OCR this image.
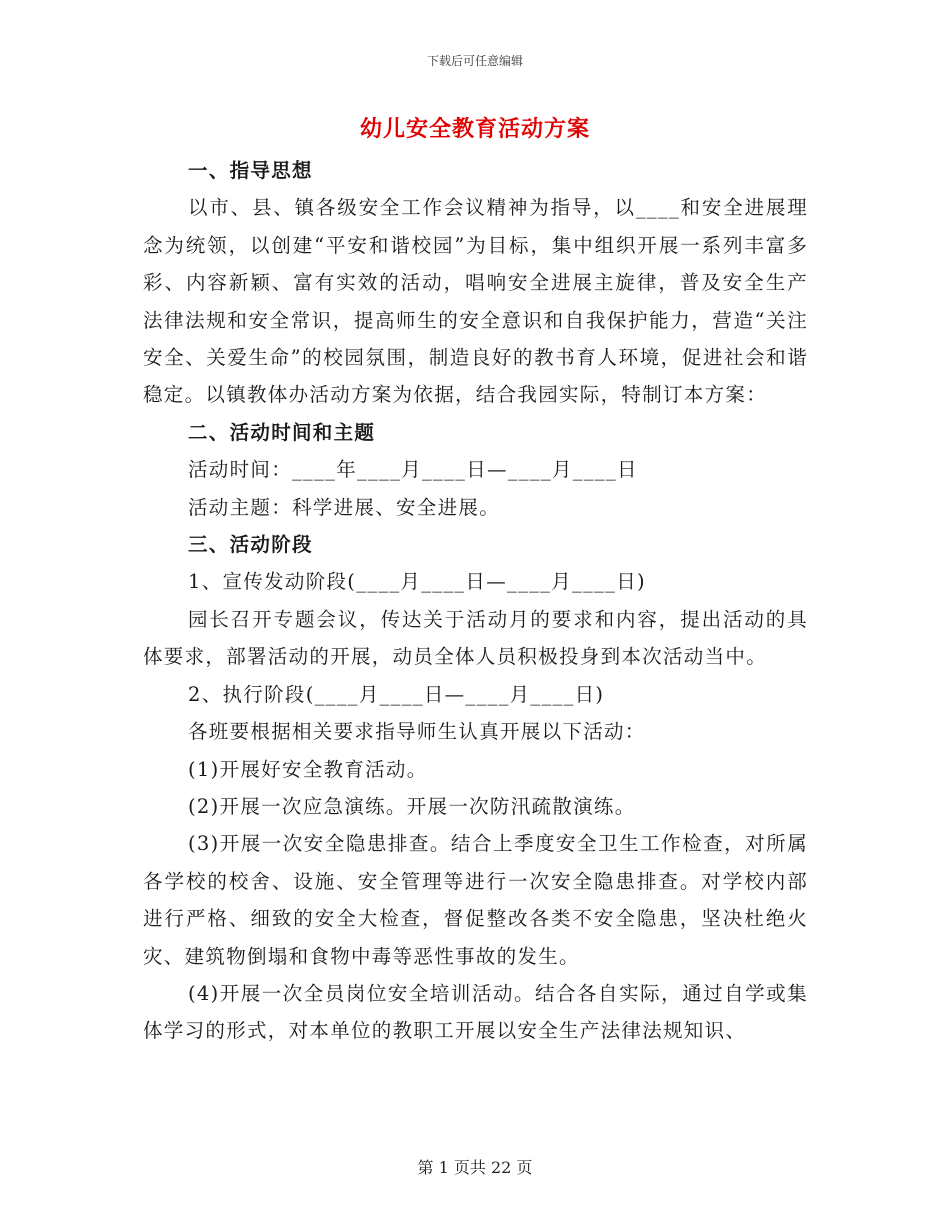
下载后可任意编辑
幼儿安全教育活动方案

一、指导思想

以市、县、镇各级安全工作会议精神为指导，以____和安全进展理念为统领，以创建“平安和谐校园”为目标，集中组织开展一系列丰富多彩、内容新颖、富有实效的活动，唱响安全进展主旋律，普及安全生产法律法规和安全常识，提高师生的安全意识和自我保护能力，营造“关注安全、关爱生命”的校园氛围，制造良好的教书育人环境，促进社会和谐稳定。以镇教体办活动方案为依据，结合我园实际，特制订本方案：

二、活动时间和主题

活动时间：____年____月____日—____月____日

活动主题：科学进展、安全进展。

三、活动阶段

1、宣传发动阶段(____月____日—____月____日)

园长召开专题会议，传达关于活动月的要求和内容，提出活动的具体要求，部署活动的开展，动员全体人员积极投身到本次活动当中。

2、执行阶段(____月____日—____月____日)

各班要根据相关要求指导师生认真开展以下活动：

(1)开展好安全教育活动。

(2)开展一次应急演练。开展一次防汛疏散演练。

(3)开展一次安全隐患排查。结合上季度安全卫生工作检查，对所属各学校的校舍、设施、安全管理等进行一次安全隐患排查。对学校内部进行严格、细致的安全大检查，督促整改各类不安全隐患，坚决杜绝火灾、建筑物倒塌和食物中毒等恶性事故的发生。

(4)开展一次全员岗位安全培训活动。结合各自实际，通过自学或集体学习的形式，对本单位的教职工开展以安全生产法律法规知识、

第 1 页共 22 页
